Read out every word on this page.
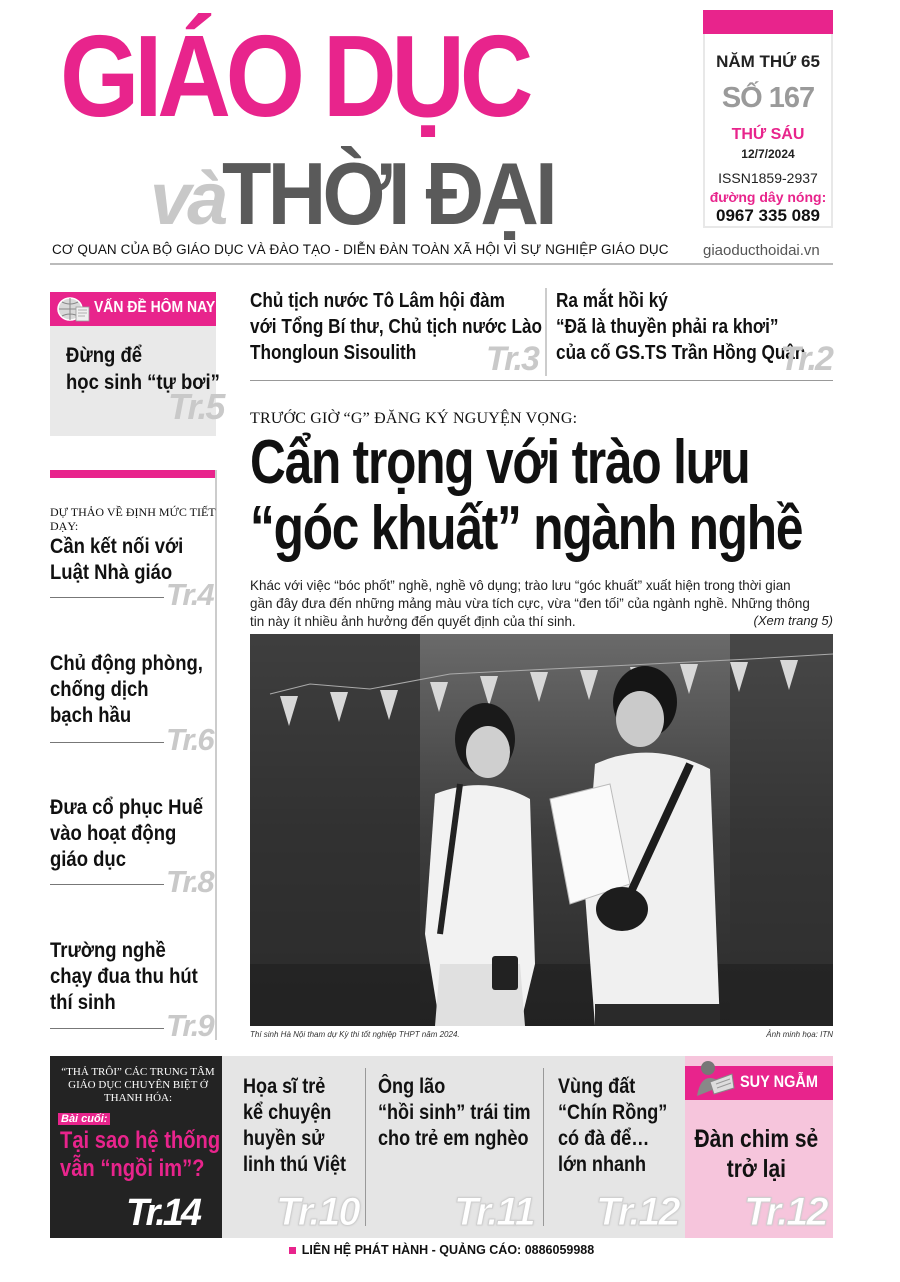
GIÁO DỤC
và
THỜI ĐẠI
NĂM THỨ 65
SỐ 167
THỨ SÁU
12/7/2024
ISSN1859-2937
đường dây nóng:
0967 335 089
CƠ QUAN CỦA BỘ GIÁO DỤC VÀ ĐÀO TẠO - DIỄN ĐÀN TOÀN XÃ HỘI VÌ SỰ NGHIỆP GIÁO DỤC giaoducthoidai.vn
VẤN ĐỀ HÔM NAY
Đừng để
học sinh “tự bơi”
Tr.5
DỰ THẢO VỀ ĐỊNH MỨC TIẾT DẠY:
Cần kết nối với
Luật Nhà giáo
Tr.4
Chủ động phòng,
chống dịch
bạch hầu
Tr.6
Đưa cổ phục Huế
vào hoạt động
giáo dục
Tr.8
Trường nghề
chạy đua thu hút
thí sinh
Tr.9
Chủ tịch nước Tô Lâm hội đàm
với Tổng Bí thư, Chủ tịch nước Lào
Thongloun Sisoulith	Tr.3
Ra mắt hồi ký
“Đã là thuyền phải ra khơi”
của cố GS.TS Trần Hồng Quân
Tr.2
TRƯỚC GIỜ “G” ĐĂNG KÝ NGUYỆN VỌNG:
Cẩn trọng với trào lưu
“góc khuất” ngành nghề
Khác với việc “bóc phốt” nghề, nghề vô dụng; trào lưu “góc khuất” xuất hiện trong thời gian gần đây đưa đến những mảng màu vừa tích cực, vừa “đen tối” của ngành nghề. Những thông tin này ít nhiều ảnh hưởng đến quyết định của thí sinh.	(Xem trang 5)
Thí sinh Hà Nội tham dự Kỳ thi tốt nghiệp THPT năm 2024.	Ảnh minh họa: ITN
“THẢ TRÔI” CÁC TRUNG TÂM GIÁO DỤC CHUYÊN BIỆT Ở THANH HÓA:
Bài cuối:
Tại sao hệ thống
vẫn “ngồi im”?
Tr.14
Họa sĩ trẻ
kể chuyện
huyền sử
linh thú Việt
Tr.10
Ông lão
“hồi sinh” trái tim
cho trẻ em nghèo
Tr.11
Vùng đất
“Chín Rồng”
có đà để…
lớn nhanh
Tr.12
SUY NGẪM
Đàn chim sẻ
trở lại
Tr.12
LIÊN HỆ PHÁT HÀNH - QUẢNG CÁO: 0886059988
